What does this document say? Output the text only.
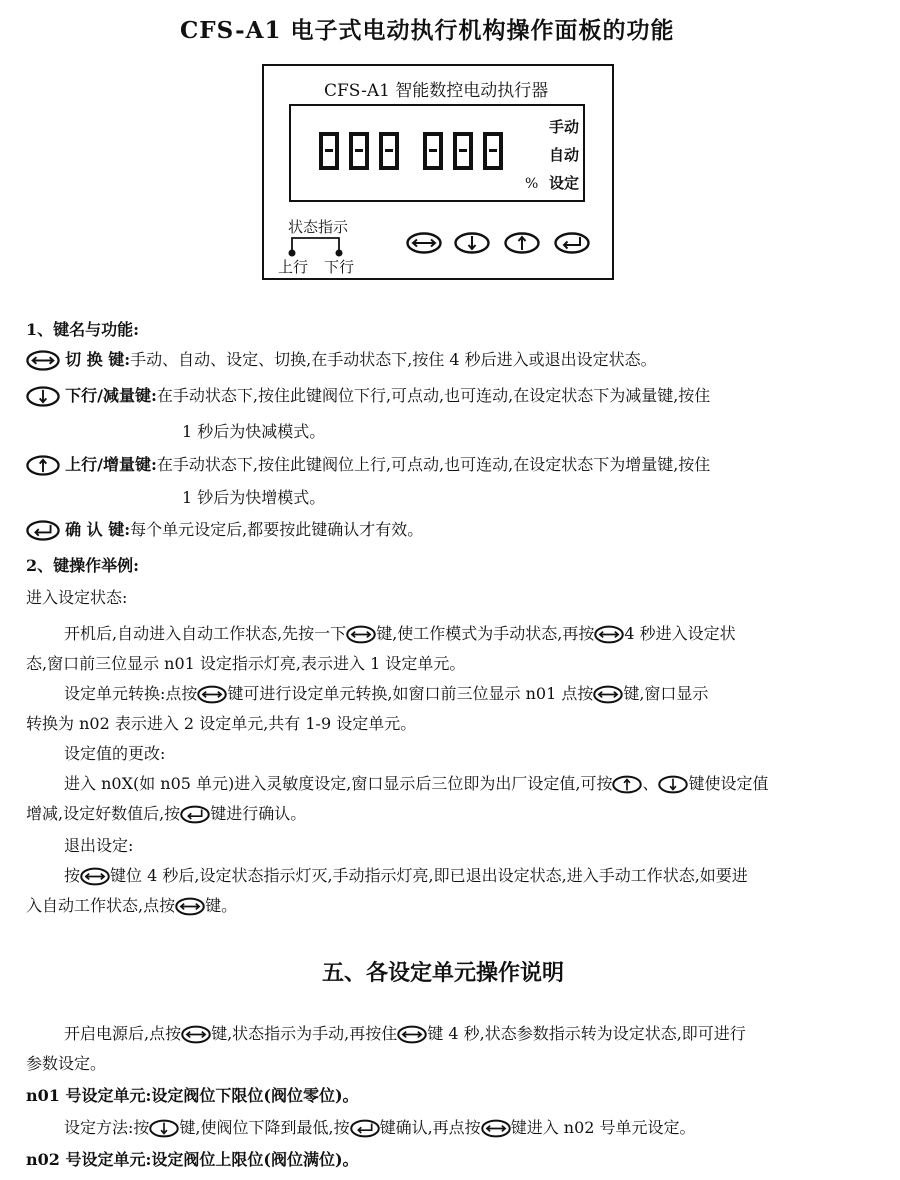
CFS-A1 电子式电动执行机构操作面板的功能
CFS-A1 智能数控电动执行器
手动
自动
设定
%
状态指示
上行 下行
1、键名与功能:
切 换 键:手动、自动、设定、切换,在手动状态下,按住 4 秒后进入或退出设定状态。
下行/减量键:在手动状态下,按住此键阀位下行,可点动,也可连动,在设定状态下为减量键,按住
1 秒后为快减模式。
上行/增量键:在手动状态下,按住此键阀位上行,可点动,也可连动,在设定状态下为增量键,按住
1 钞后为快增模式。
确 认 键:每个单元设定后,都要按此键确认才有效。
2、键操作举例:
进入设定状态:
开机后,自动进入自动工作状态,先按一下 键,使工作模式为手动状态,再按 4 秒进入设定状
态,窗口前三位显示 n01 设定指示灯亮,表示进入 1 设定单元。
设定单元转换:点按 键可进行设定单元转换,如窗口前三位显示 n01 点按 键,窗口显示
转换为 n02 表示进入 2 设定单元,共有 1-9 设定单元。
设定值的更改:
进入 n0X(如 n05 单元)进入灵敏度设定,窗口显示后三位即为出厂设定值,可按 、 键使设定值
增减,设定好数值后,按 键进行确认。
退出设定:
按 键位 4 秒后,设定状态指示灯灭,手动指示灯亮,即已退出设定状态,进入手动工作状态,如要进
入自动工作状态,点按 键。
五、各设定单元操作说明
开启电源后,点按 键,状态指示为手动,再按住 键 4 秒,状态参数指示转为设定状态,即可进行
参数设定。
n01 号设定单元:设定阀位下限位(阀位零位)。
设定方法:按 键,使阀位下降到最低,按 键确认,再点按 键进入 n02 号单元设定。
n02 号设定单元:设定阀位上限位(阀位满位)。
